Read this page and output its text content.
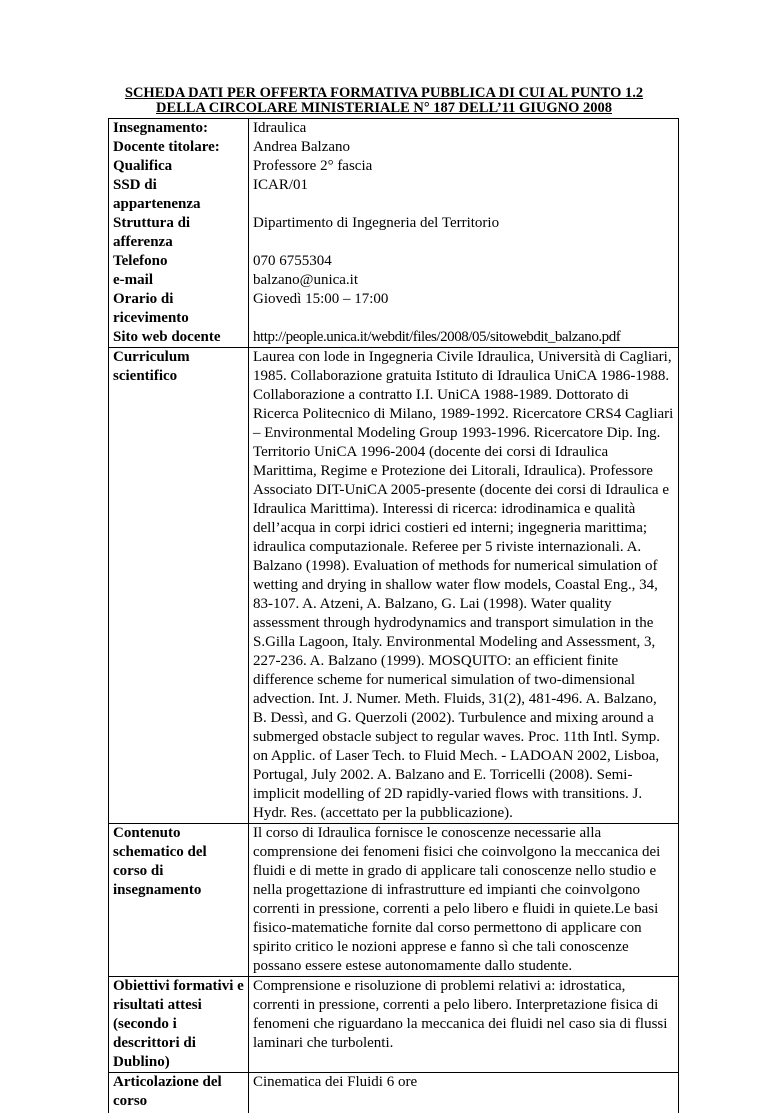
SCHEDA DATI PER OFFERTA FORMATIVA PUBBLICA DI CUI AL PUNTO 1.2
DELLA CIRCOLARE MINISTERIALE N° 187 DELL’11 GIUGNO 2008
Insegnamento:	Idraulica
Docente titolare:	Andrea Balzano
Qualifica	Professore 2° fascia
SSD di appartenenza	ICAR/01
Struttura di afferenza	Dipartimento di Ingegneria del Territorio
Telefono	070 6755304
e-mail	balzano@unica.it
Orario di ricevimento	Giovedì 15:00 – 17:00
Sito web docente	http://people.unica.it/webdit/files/2008/05/sitowebdit_balzano.pdf
Curriculum scientifico	Laurea con lode in Ingegneria Civile Idraulica, Università di Cagliari, 1985. Collaborazione gratuita Istituto di Idraulica UniCA 1986-1988. Collaborazione a contratto I.I. UniCA 1988-1989. Dottorato di Ricerca Politecnico di Milano, 1989-1992. Ricercatore CRS4 Cagliari – Environmental Modeling Group 1993-1996. Ricercatore Dip. Ing. Territorio UniCA 1996-2004 (docente dei corsi di Idraulica Marittima, Regime e Protezione dei Litorali, Idraulica). Professore Associato DIT-UniCA 2005-presente (docente dei corsi di Idraulica e Idraulica Marittima). Interessi di ricerca: idrodinamica e qualità dell’acqua in corpi idrici costieri ed interni; ingegneria marittima; idraulica computazionale. Referee per 5 riviste internazionali. A. Balzano (1998). Evaluation of methods for numerical simulation of wetting and drying in shallow water flow models, Coastal Eng., 34, 83-107. A. Atzeni, A. Balzano, G. Lai (1998). Water quality assessment through hydrodynamics and transport simulation in the S.Gilla Lagoon, Italy. Environmental Modeling and Assessment, 3, 227-236. A. Balzano (1999). MOSQUITO: an efficient finite difference scheme for numerical simulation of two-dimensional advection. Int. J. Numer. Meth. Fluids, 31(2), 481-496. A. Balzano, B. Dessì, and G. Querzoli (2002). Turbulence and mixing around a submerged obstacle subject to regular waves. Proc. 11th Intl. Symp. on Applic. of Laser Tech. to Fluid Mech. - LADOAN 2002, Lisboa, Portugal, July 2002. A. Balzano and E. Torricelli (2008). Semi-implicit modelling of 2D rapidly-varied flows with transitions. J. Hydr. Res. (accettato per la pubblicazione).
Contenuto schematico del corso di insegnamento	Il corso di Idraulica fornisce le conoscenze necessarie alla comprensione dei fenomeni fisici che coinvolgono la meccanica dei fluidi e di mette in grado di applicare tali conoscenze nello studio e nella progettazione di infrastrutture ed impianti che coinvolgono correnti in pressione, correnti a pelo libero e fluidi in quiete.Le basi fisico-matematiche fornite dal corso permettono di applicare con spirito critico le nozioni apprese e fanno sì che tali conoscenze possano essere estese autonomamente dallo studente.
Obiettivi formativi e risultati attesi (secondo i descrittori di Dublino)	Comprensione e risoluzione di problemi relativi a: idrostatica, correnti in pressione, correnti a pelo libero. Interpretazione fisica di fenomeni che riguardano la meccanica dei fluidi nel caso sia di flussi laminari che turbolenti.
Articolazione del corso	Cinematica dei Fluidi 6 ore
